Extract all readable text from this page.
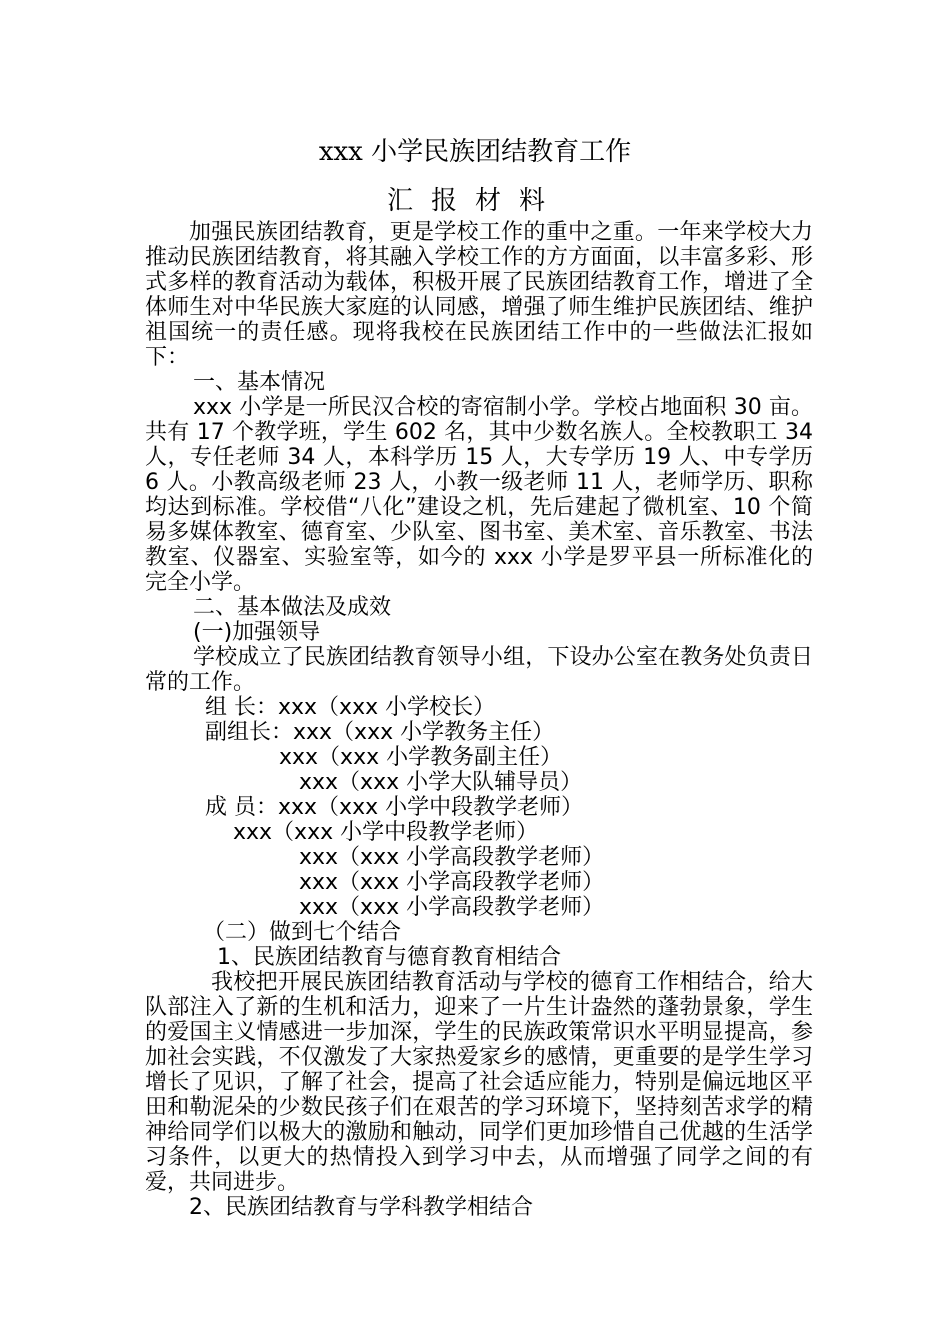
xxx 小学民族团结教育工作
汇报材料

加强民族团结教育，更是学校工作的重中之重。一年来学校大力推动民族团结教育，将其融入学校工作的方方面面，以丰富多彩、形式多样的教育活动为载体，积极开展了民族团结教育工作，增进了全体师生对中华民族大家庭的认同感，增强了师生维护民族团结、维护祖国统一的责任感。现将我校在民族团结工作中的一些做法汇报如下：

一、基本情况

xxx 小学是一所民汉合校的寄宿制小学。学校占地面积 30 亩。共有 17 个教学班，学生 602 名，其中少数名族人。全校教职工 34 人，专任老师 34 人，本科学历 15 人，大专学历 19 人、中专学历 6 人。小教高级老师 23 人，小教一级老师 11 人，老师学历、职称均达到标准。学校借“八化”建设之机，先后建起了微机室、10 个简易多媒体教室、德育室、少队室、图书室、美术室、音乐教室、书法教室、仪器室、实验室等，如今的 xxx 小学是罗平县一所标准化的完全小学。

二、基本做法及成效

(一)加强领导

学校成立了民族团结教育领导小组，下设办公室在教务处负责日常的工作。

组 长：xxx（xxx 小学校长）

副组长：xxx（xxx 小学教务主任）

xxx（xxx 小学教务副主任）

xxx（xxx 小学大队辅导员）

成 员：xxx（xxx 小学中段教学老师）

xxx（xxx 小学中段教学老师）

xxx（xxx 小学高段教学老师）

xxx（xxx 小学高段教学老师）

xxx（xxx 小学高段教学老师）

（二）做到七个结合

1、民族团结教育与德育教育相结合

我校把开展民族团结教育活动与学校的德育工作相结合，给大队部注入了新的生机和活力，迎来了一片生计盎然的蓬勃景象，学生的爱国主义情感进一步加深，学生的民族政策常识水平明显提高，参加社会实践，不仅激发了大家热爱家乡的感情，更重要的是学生学习增长了见识，了解了社会，提高了社会适应能力，特别是偏远地区平田和勒泥朵的少数民孩子们在艰苦的学习环境下，坚持刻苦求学的精神给同学们以极大的激励和触动，同学们更加珍惜自己优越的生活学习条件，以更大的热情投入到学习中去，从而增强了同学之间的有爱，共同进步。

2、民族团结教育与学科教学相结合
